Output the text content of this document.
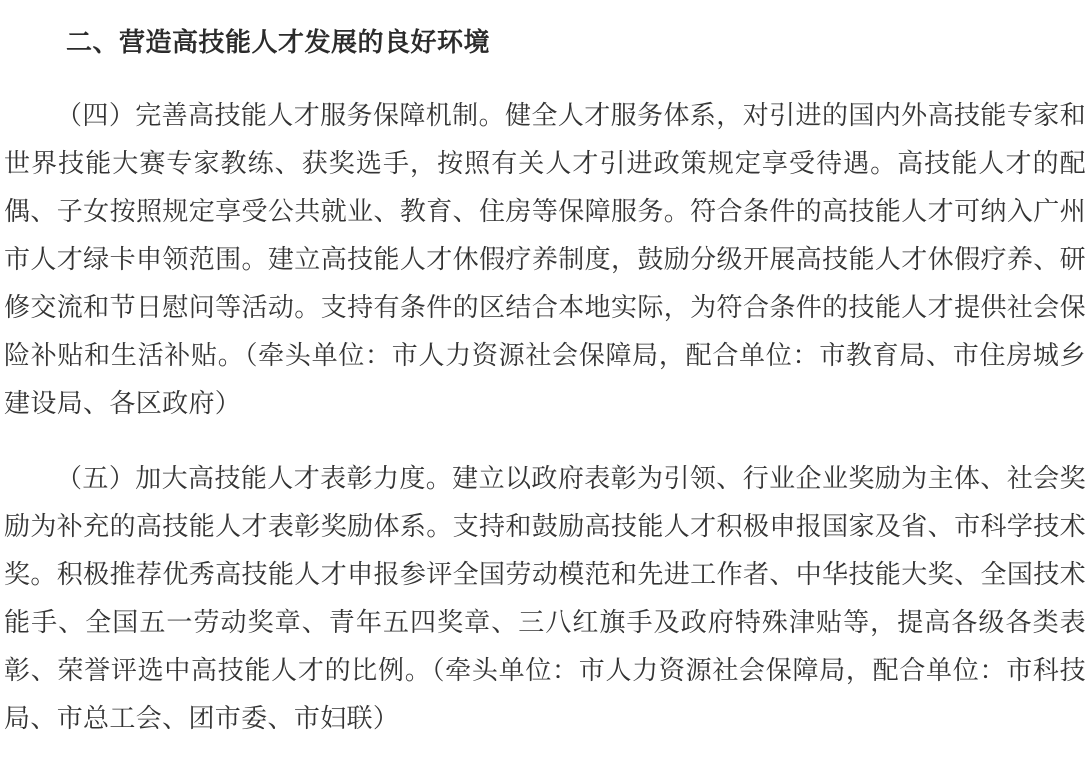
二、营造高技能人才发展的良好环境

（四）完善高技能人才服务保障机制。健全人才服务体系，对引进的国内外高技能专家和世界技能大赛专家教练、获奖选手，按照有关人才引进政策规定享受待遇。高技能人才的配偶、子女按照规定享受公共就业、教育、住房等保障服务。符合条件的高技能人才可纳入广州市人才绿卡申领范围。建立高技能人才休假疗养制度，鼓励分级开展高技能人才休假疗养、研修交流和节日慰问等活动。支持有条件的区结合本地实际，为符合条件的技能人才提供社会保险补贴和生活补贴。（牵头单位：市人力资源社会保障局，配合单位：市教育局、市住房城乡建设局、各区政府）

（五）加大高技能人才表彰力度。建立以政府表彰为引领、行业企业奖励为主体、社会奖励为补充的高技能人才表彰奖励体系。支持和鼓励高技能人才积极申报国家及省、市科学技术奖。积极推荐优秀高技能人才申报参评全国劳动模范和先进工作者、中华技能大奖、全国技术能手、全国五一劳动奖章、青年五四奖章、三八红旗手及政府特殊津贴等，提高各级各类表彰、荣誉评选中高技能人才的比例。（牵头单位：市人力资源社会保障局，配合单位：市科技局、市总工会、团市委、市妇联）
